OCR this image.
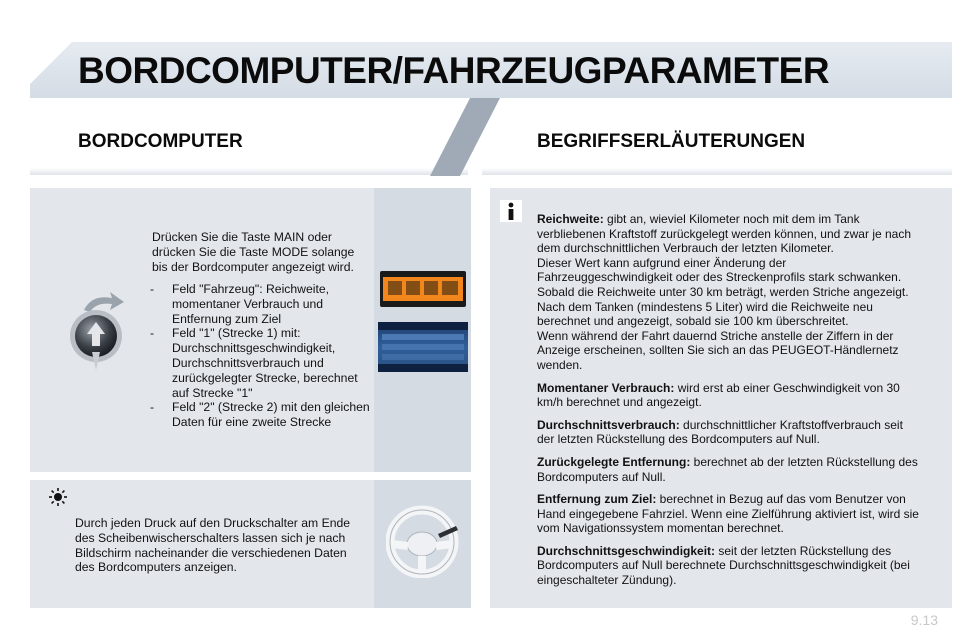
BORDCOMPUTER/FAHRZEUGPARAMETER
BORDCOMPUTER	BEGRIFFSERLÄUTERUNGEN
Drücken Sie die Taste MAIN oder drücken Sie die Taste MODE solange bis der Bordcomputer angezeigt wird.
- Feld "Fahrzeug": Reichweite, momentaner Verbrauch und Entfernung zum Ziel
- Feld "1" (Strecke 1) mit: Durchschnittsgeschwindigkeit, Durchschnittsverbrauch und zurückgelegter Strecke, berechnet auf Strecke "1"
- Feld "2" (Strecke 2) mit den gleichen Daten für eine zweite Strecke
Durch jeden Druck auf den Druckschalter am Ende des Scheibenwischerschalters lassen sich je nach Bildschirm nacheinander die verschiedenen Daten des Bordcomputers anzeigen.
Reichweite: gibt an, wieviel Kilometer noch mit dem im Tank verbliebenen Kraftstoff zurückgelegt werden können, und zwar je nach dem durchschnittlichen Verbrauch der letzten Kilometer.
Dieser Wert kann aufgrund einer Änderung der Fahrzeuggeschwindigkeit oder des Streckenprofils stark schwanken.
Sobald die Reichweite unter 30 km beträgt, werden Striche angezeigt. Nach dem Tanken (mindestens 5 Liter) wird die Reichweite neu berechnet und angezeigt, sobald sie 100 km überschreitet.
Wenn während der Fahrt dauernd Striche anstelle der Ziffern in der Anzeige erscheinen, sollten Sie sich an das PEUGEOT-Händlernetz wenden.
Momentaner Verbrauch: wird erst ab einer Geschwindigkeit von 30 km/h berechnet und angezeigt.
Durchschnittsverbrauch: durchschnittlicher Kraftstoffverbrauch seit der letzten Rückstellung des Bordcomputers auf Null.
Zurückgelegte Entfernung: berechnet ab der letzten Rückstellung des Bordcomputers auf Null.
Entfernung zum Ziel: berechnet in Bezug auf das vom Benutzer von Hand eingegebene Fahrziel. Wenn eine Zielführung aktiviert ist, wird sie vom Navigationssystem momentan berechnet.
Durchschnittsgeschwindigkeit: seit der letzten Rückstellung des Bordcomputers auf Null berechnete Durchschnittsgeschwindigkeit (bei eingeschalteter Zündung).
9.13
